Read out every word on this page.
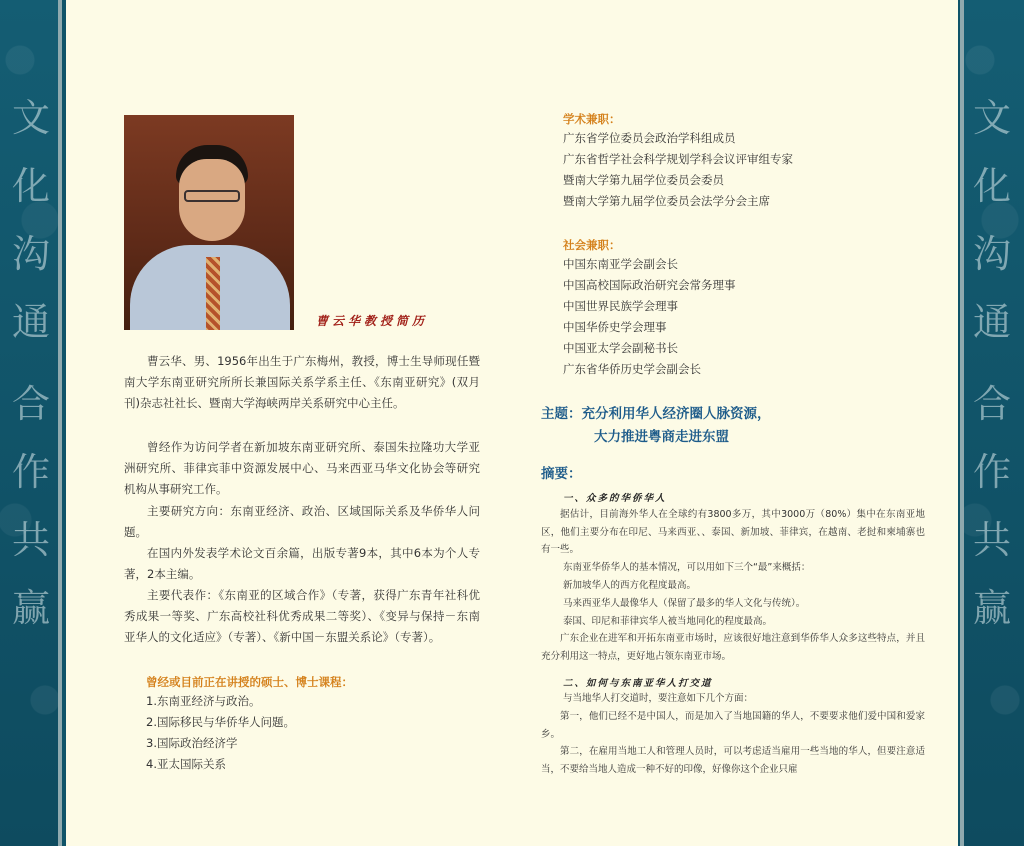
文
化
沟
通
合
作
共
赢
文
化
沟
通
合
作
共
赢
曹云华教授简历

曹云华、男、1956年出生于广东梅州，教授，博士生导师现任暨南大学东南亚研究所所长兼国际关系学系主任、《东南亚研究》(双月刊)杂志社社长、暨南大学海峡两岸关系研究中心主任。

曾经作为访问学者在新加坡东南亚研究所、泰国朱拉隆功大学亚洲研究所、菲律宾菲中资源发展中心、马来西亚马华文化协会等研究机构从事研究工作。

主要研究方向：东南亚经济、政治、区域国际关系及华侨华人问题。

在国内外发表学术论文百余篇，出版专著9本，其中6本为个人专著，2本主编。

主要代表作：《东南亚的区域合作》（专著，获得广东青年社科优秀成果一等奖、广东高校社科优秀成果二等奖）、《变异与保持－东南亚华人的文化适应》（专著）、《新中国－东盟关系论》（专著）。

曾经或目前正在讲授的硕士、博士课程：

1.东南亚经济与政治。
2.国际移民与华侨华人问题。
3.国际政治经济学
4.亚太国际关系

学术兼职：

广东省学位委员会政治学科组成员
广东省哲学社会科学规划学科会议评审组专家
暨南大学第九届学位委员会委员
暨南大学第九届学位委员会法学分会主席

社会兼职：

中国东南亚学会副会长
中国高校国际政治研究会常务理事
中国世界民族学会理事
中国华侨史学会理事
中国亚太学会副秘书长
广东省华侨历史学会副会长
主题：充分利用华人经济圈人脉资源，
大力推进粤商走进东盟
摘要：

一、众多的华侨华人

据估计，目前海外华人在全球约有3800多万，其中3000万（80%）集中在东南亚地区，他们主要分布在印尼、马来西亚、、泰国、新加坡、菲律宾，在越南、老挝和柬埔寨也有一些。

东南亚华侨华人的基本情况，可以用如下三个“最”来概括：

新加坡华人的西方化程度最高。

马来西亚华人最像华人（保留了最多的华人文化与传统）。

泰国、印尼和菲律宾华人被当地同化的程度最高。

广东企业在进军和开拓东南亚市场时，应该很好地注意到华侨华人众多这些特点，并且充分利用这一特点，更好地占领东南亚市场。

二、如何与东南亚华人打交道

与当地华人打交道时，要注意如下几个方面：

第一，他们已经不是中国人，而是加入了当地国籍的华人，不要要求他们爱中国和爱家乡。

第二，在雇用当地工人和管理人员时，可以考虑适当雇用一些当地的华人，但要注意适当，不要给当地人造成一种不好的印像，好像你这个企业只雇
